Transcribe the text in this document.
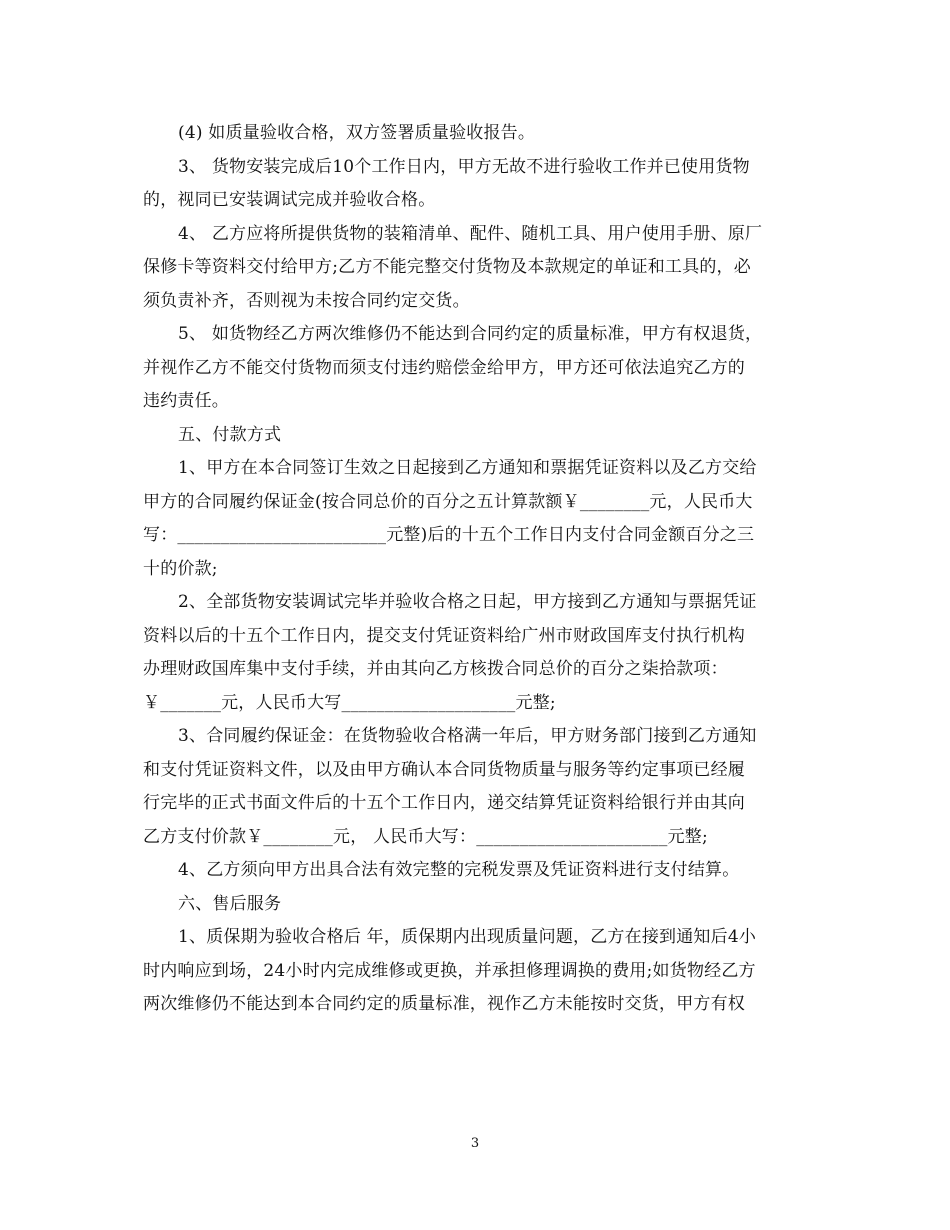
(4) 如质量验收合格，双方签署质量验收报告。
3、 货物安装完成后10个工作日内，甲方无故不进行验收工作并已使用货物
的，视同已安装调试完成并验收合格。
4、 乙方应将所提供货物的装箱清单、配件、随机工具、用户使用手册、原厂
保修卡等资料交付给甲方;乙方不能完整交付货物及本款规定的单证和工具的，必
须负责补齐，否则视为未按合同约定交货。
5、 如货物经乙方两次维修仍不能达到合同约定的质量标准，甲方有权退货，
并视作乙方不能交付货物而须支付违约赔偿金给甲方，甲方还可依法追究乙方的
违约责任。
五、付款方式
1、甲方在本合同签订生效之日起接到乙方通知和票据凭证资料以及乙方交给
甲方的合同履约保证金(按合同总价的百分之五计算款额￥________元，人民币大
写：________________________元整)后的十五个工作日内支付合同金额百分之三
十的价款;
2、全部货物安装调试完毕并验收合格之日起，甲方接到乙方通知与票据凭证
资料以后的十五个工作日内，提交支付凭证资料给广州市财政国库支付执行机构
办理财政国库集中支付手续，并由其向乙方核拨合同总价的百分之柒拾款项：
￥_______元，人民币大写____________________元整;
3、合同履约保证金：在货物验收合格满一年后，甲方财务部门接到乙方通知
和支付凭证资料文件，以及由甲方确认本合同货物质量与服务等约定事项已经履
行完毕的正式书面文件后的十五个工作日内，递交结算凭证资料给银行并由其向
乙方支付价款￥________元， 人民币大写：______________________元整;
4、乙方须向甲方出具合法有效完整的完税发票及凭证资料进行支付结算。
六、售后服务
1、质保期为验收合格后 年，质保期内出现质量问题，乙方在接到通知后4小
时内响应到场，24小时内完成维修或更换，并承担修理调换的费用;如货物经乙方
两次维修仍不能达到本合同约定的质量标准，视作乙方未能按时交货，甲方有权
3
